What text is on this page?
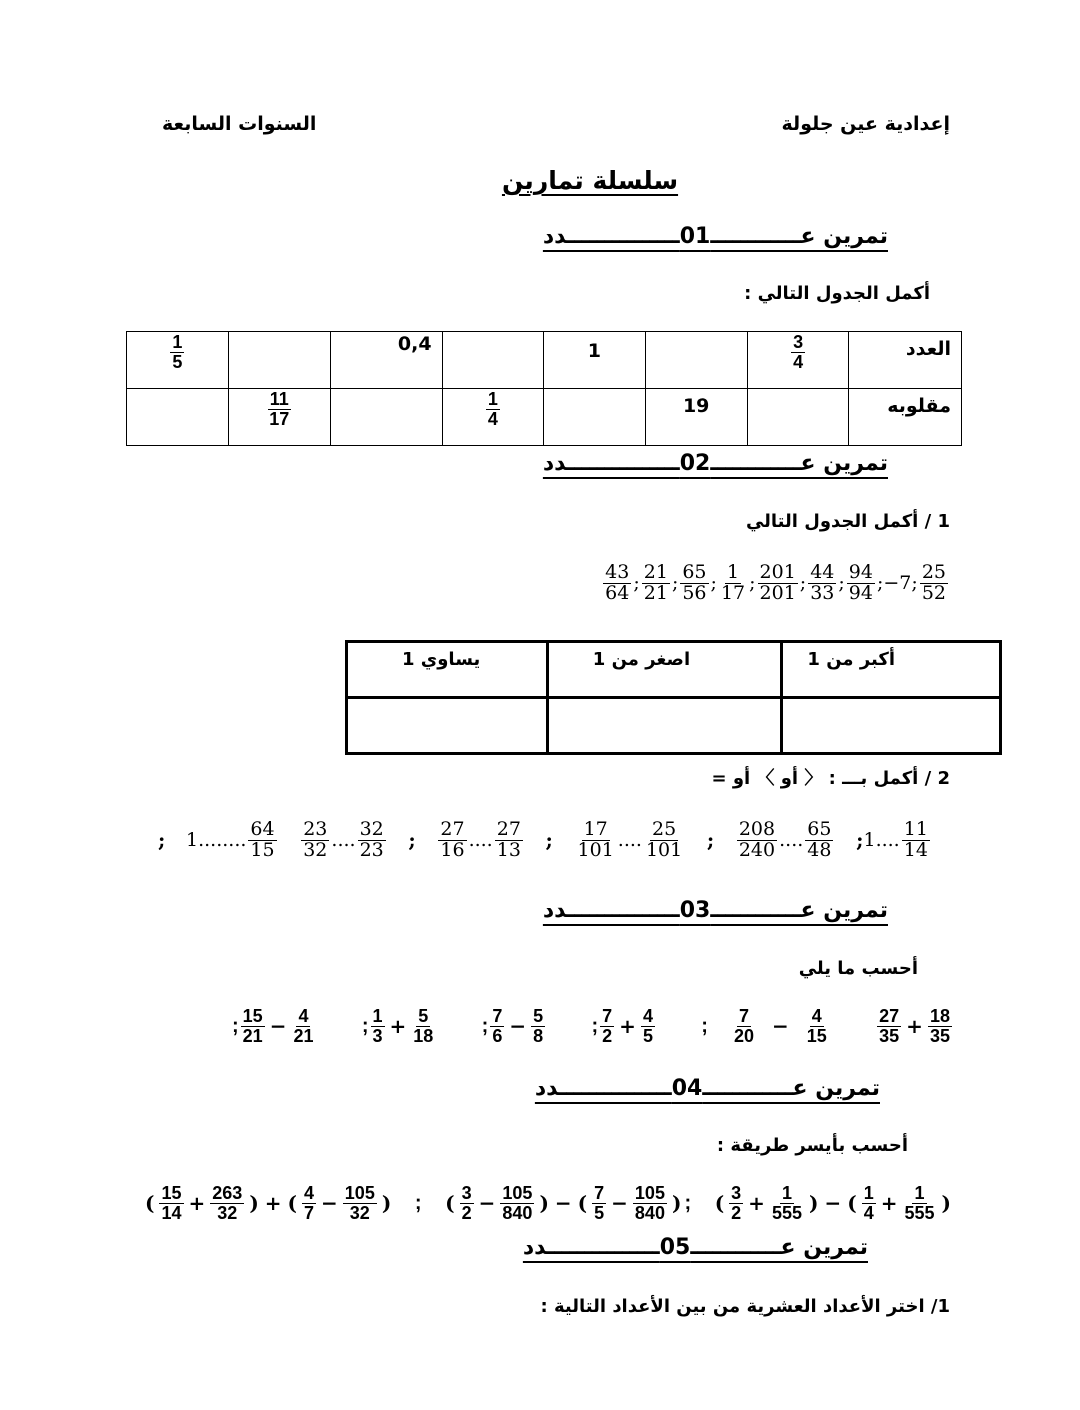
إعدادية عين جلولة
السنوات السابعة
سلسلة تمارين
تمرين عــــــــــــ01ـــــــــــــــدد
أكمل الجدول التالي :
$\frac{1}{5}$		0,4		1		$\frac{3}{4}$	العدد

	$\frac{11}{17}$		$\frac{1}{4}$		19		مقلوبه
تمرين عــــــــــــ02ـــــــــــــــدد
1 / أكمل الجدول التالي
43
64 ;
21
21 ;
65
56 ;
1
17 ;
201
201 ;
44
33 ;
94
94 ; −7 ;
25
52
أكبر من 1	اصغر من 1	يساوي 1

2 / أكمل بـــ : 〈 أو 〉 أو =
; 1 ........
64
15
23
32 ....
32
23 ; 27
16 ....
27
13 ; 17
101 ....
25
101 ; 208
240 ....
65
48 ; 1 ....
11
14
تمرين عــــــــــــ03ـــــــــــــــدد
أحسب ما يلي
; 15
$21 - \frac{4}{21}$ ; 1
$3 + \frac{5}{18}$ ; 7
$6 - \frac{5}{8}$ ; 7
$2 + \frac{4}{5}$ ; 7
$20 - \frac{4}{15}$	27
$35 + \frac{18}{35}$
تمرين عــــــــــــ04ـــــــــــــــدد
أحسب بأيسر طريقة :
( 15
$14 + \frac{263}{32}$ ) + ( 4
$7 - \frac{105}{32}$ ) ; ( 3
$2 - \frac{105}{840}$ ) − ( 7
$5 - \frac{105}{840}$ ) ; ( 3
$2 + \frac{1}{555}$ ) − ( 1
$4 + \frac{1}{555}$ )
تمرين عــــــــــــ05ـــــــــــــــدد
1/ اختر الأعداد العشرية من بين الأعداد التالية :
